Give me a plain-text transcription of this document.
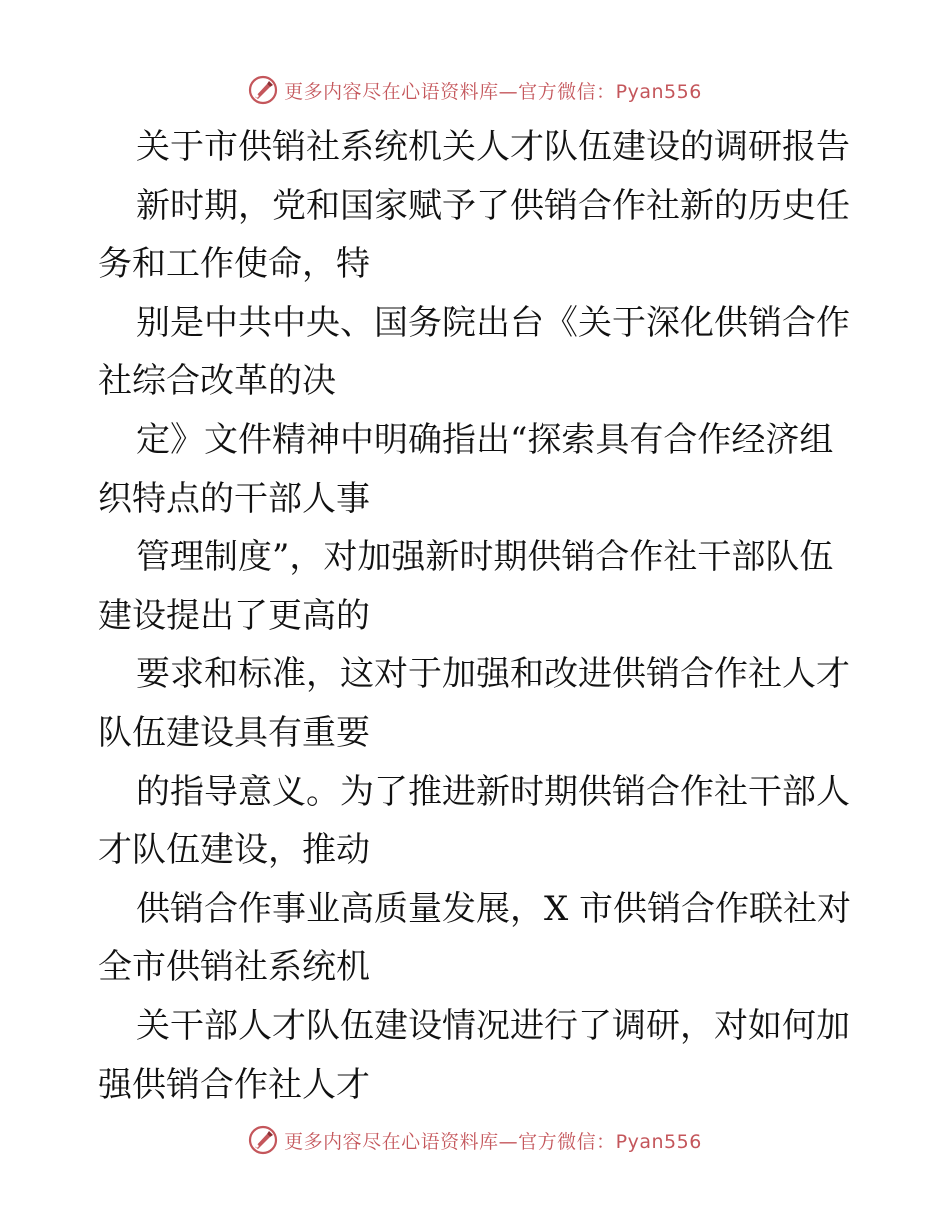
更多内容尽在心语资料库—官方微信：Pyan556
关于市供销社系统机关人才队伍建设的调研报告
新时期，党和国家赋予了供销合作社新的历史任
务和工作使命，特
别是中共中央、国务院出台《关于深化供销合作
社综合改革的决
定》文件精神中明确指出“探索具有合作经济组
织特点的干部人事
管理制度”，对加强新时期供销合作社干部队伍
建设提出了更高的
要求和标准，这对于加强和改进供销合作社人才
队伍建设具有重要
的指导意义。为了推进新时期供销合作社干部人
才队伍建设，推动
供销合作事业高质量发展，X 市供销合作联社对
全市供销社系统机
关干部人才队伍建设情况进行了调研，对如何加
强供销合作社人才
更多内容尽在心语资料库—官方微信：Pyan556
